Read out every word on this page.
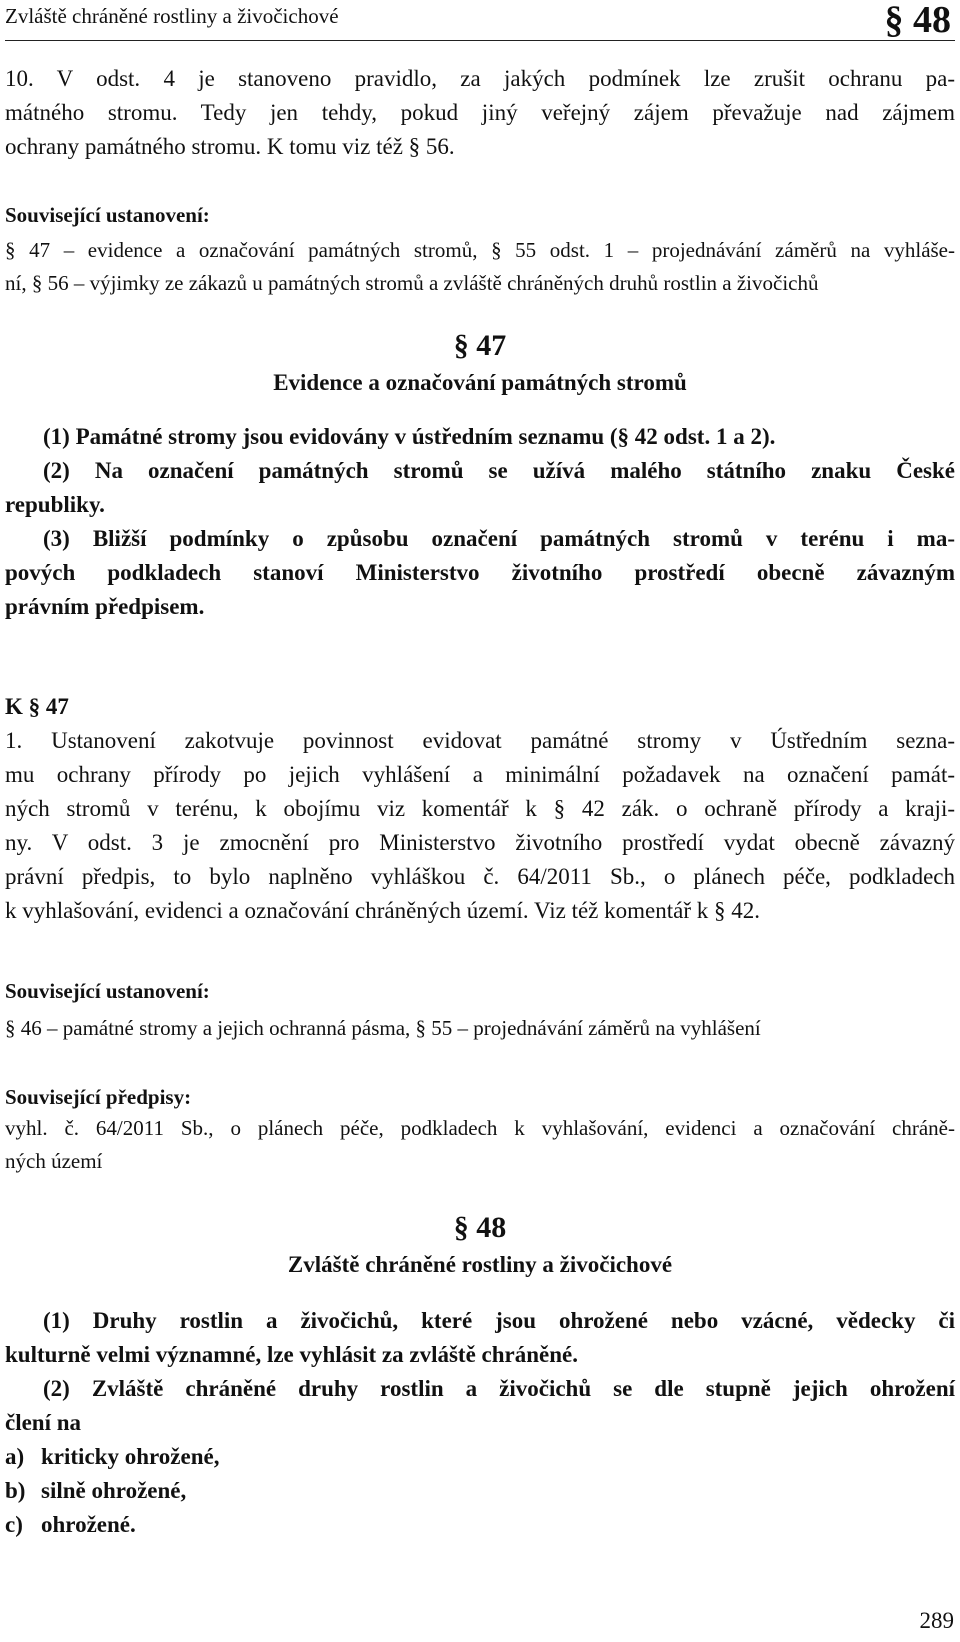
Zvláště chráněné rostliny a živočichové	§ 48
10. V odst. 4 je stanoveno pravidlo, za jakých podmínek lze zrušit ochranu pa-
mátného stromu. Tedy jen tehdy, pokud jiný veřejný zájem převažuje nad zájmem
ochrany památného stromu. K tomu viz též § 56.
Související ustanovení:
§ 47 – evidence a označování památných stromů, § 55 odst. 1 – projednávání záměrů na vyhláše-
ní, § 56 – výjimky ze zákazů u památných stromů a zvláště chráněných druhů rostlin a živočichů
§ 47
Evidence a označování památných stromů
(1) Památné stromy jsou evidovány v ústředním seznamu (§ 42 odst. 1 a 2).
(2) Na označení památných stromů se užívá malého státního znaku České
republiky.
(3) Bližší podmínky o způsobu označení památných stromů v terénu i ma-
pových podkladech stanoví Ministerstvo životního prostředí obecně závazným
právním předpisem.
K § 47
1. Ustanovení zakotvuje povinnost evidovat památné stromy v Ústředním sezna-
mu ochrany přírody po jejich vyhlášení a minimální požadavek na označení památ-
ných stromů v terénu, k obojímu viz komentář k § 42 zák. o ochraně přírody a kraji-
ny. V odst. 3 je zmocnění pro Ministerstvo životního prostředí vydat obecně závazný
právní předpis, to bylo naplněno vyhláškou č. 64/2011 Sb., o plánech péče, podkladech
k vyhlašování, evidenci a označování chráněných území. Viz též komentář k § 42.
Související ustanovení:
§ 46 – památné stromy a jejich ochranná pásma, § 55 – projednávání záměrů na vyhlášení
Související předpisy:
vyhl. č. 64/2011 Sb., o plánech péče, podkladech k vyhlašování, evidenci a označování chráně-
ných území
§ 48
Zvláště chráněné rostliny a živočichové
(1) Druhy rostlin a živočichů, které jsou ohrožené nebo vzácné, vědecky či
kulturně velmi významné, lze vyhlásit za zvláště chráněné.
(2) Zvláště chráněné druhy rostlin a živočichů se dle stupně jejich ohrožení
člení na
a) kriticky ohrožené,
b) silně ohrožené,
c) ohrožené.
289
